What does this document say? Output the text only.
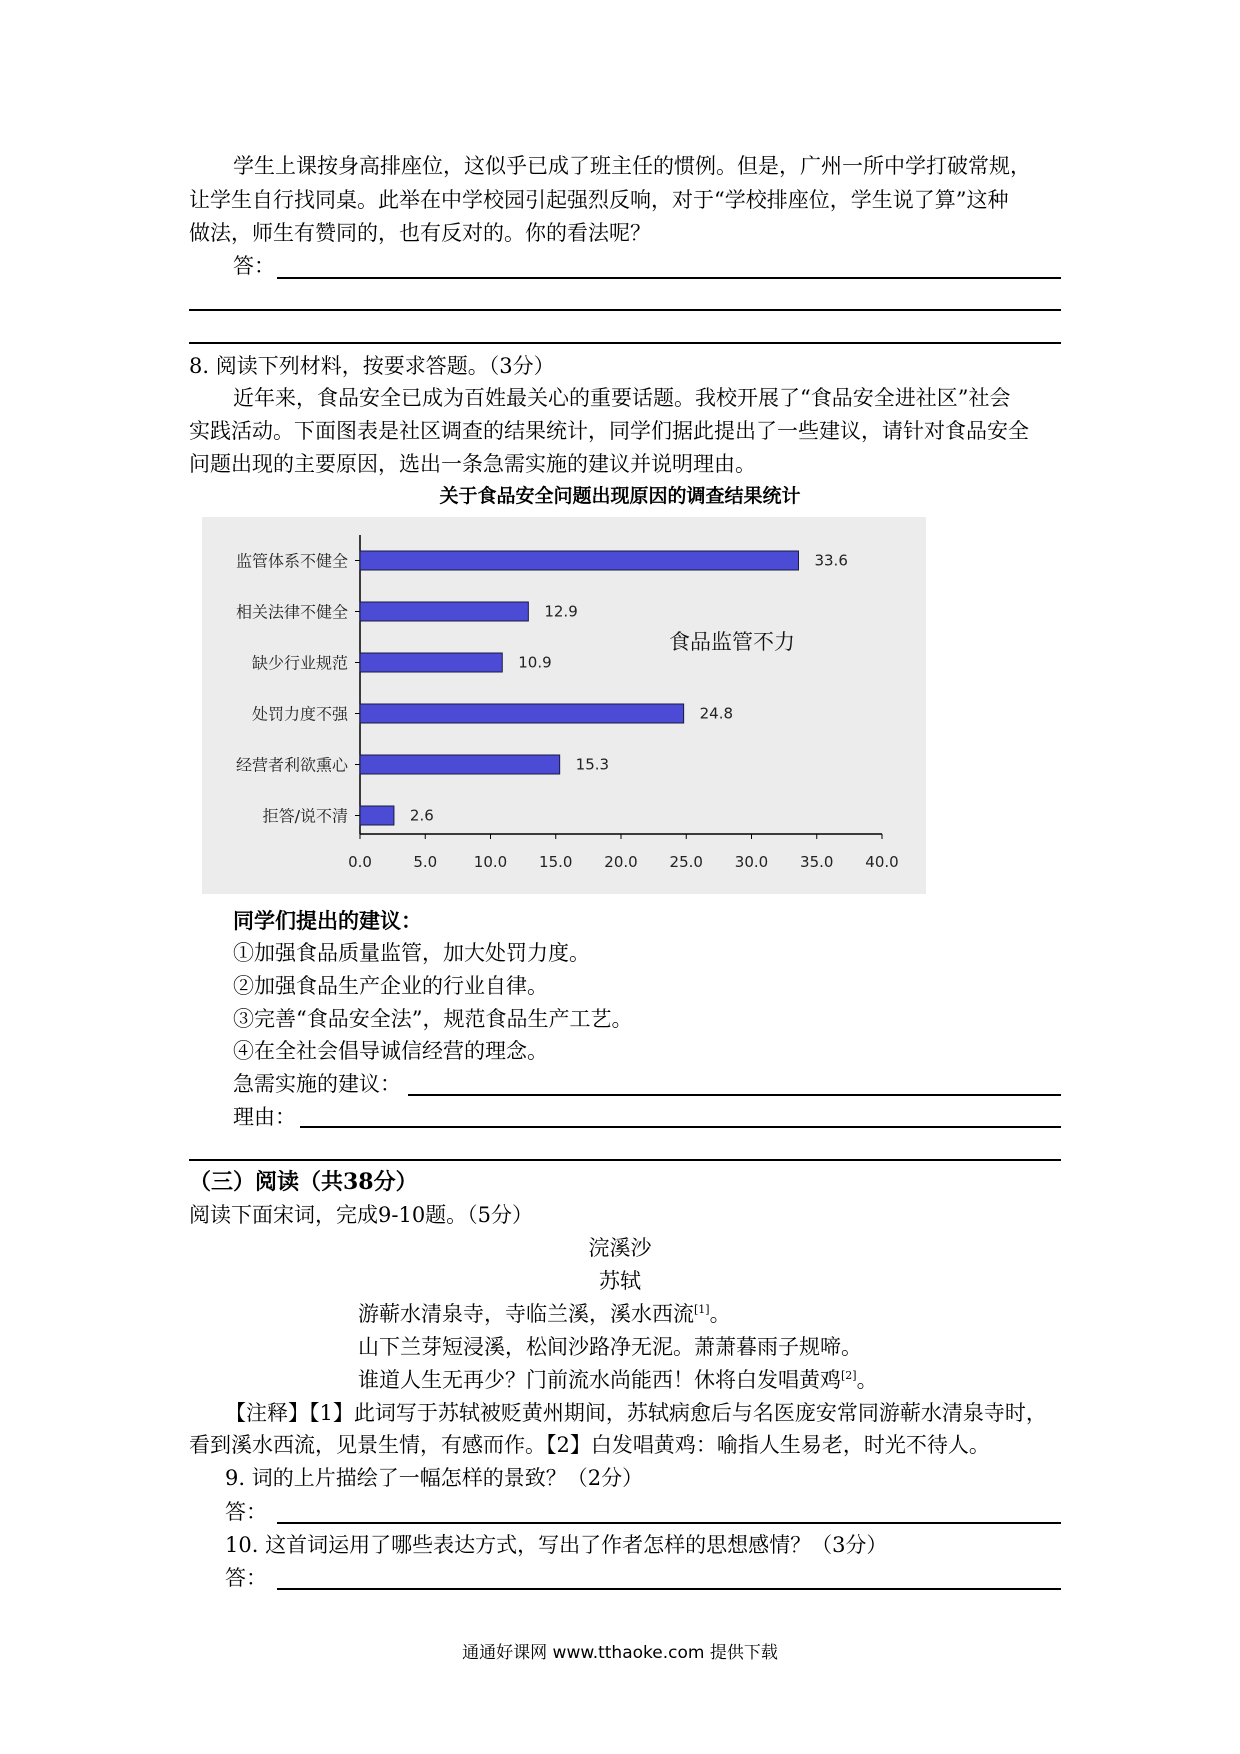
学生上课按身高排座位，这似乎已成了班主任的惯例。但是，广州一所中学打破常规，
让学生自行找同桌。此举在中学校园引起强烈反响，对于“学校排座位，学生说了算”这种
做法，师生有赞同的，也有反对的。你的看法呢？
答：
8. 阅读下列材料，按要求答题。（3分）
近年来，食品安全已成为百姓最关心的重要话题。我校开展了“食品安全进社区”社会
实践活动。下面图表是社区调查的结果统计，同学们据此提出了一些建议，请针对食品安全
问题出现的主要原因，选出一条急需实施的建议并说明理由。
关于食品安全问题出现原因的调查结果统计
0.0	5.0 10.0 15.0 20.0 25.0 30.0 35.0 40.0
监管体系不健全	33.6
相关法律不健全	12.9
缺少行业规范	10.9
处罚力度不强	24.8
经营者利欲熏心	15.3
拒答/说不清	2.6
食品监管不力
同学们提出的建议：
①加强食品质量监管，加大处罚力度。
②加强食品生产企业的行业自律。
③完善“食品安全法”，规范食品生产工艺。
④在全社会倡导诚信经营的理念。
急需实施的建议：
理由：
（三）阅读（共38分）
阅读下面宋词，完成9-10题。（5分）
浣溪沙
苏轼
游蕲水清泉寺，寺临兰溪，溪水西流[1]。
山下兰芽短浸溪，松间沙路净无泥。萧萧暮雨子规啼。
谁道人生无再少？门前流水尚能西！休将白发唱黄鸡[2]。
【注释】【1】此词写于苏轼被贬黄州期间，苏轼病愈后与名医庞安常同游蕲水清泉寺时，
看到溪水西流，见景生情，有感而作。【2】白发唱黄鸡：喻指人生易老，时光不待人。
9. 词的上片描绘了一幅怎样的景致？（2分）
答：
10. 这首词运用了哪些表达方式，写出了作者怎样的思想感情？（3分）
答：
通通好课网 www.tthaoke.com 提供下载
